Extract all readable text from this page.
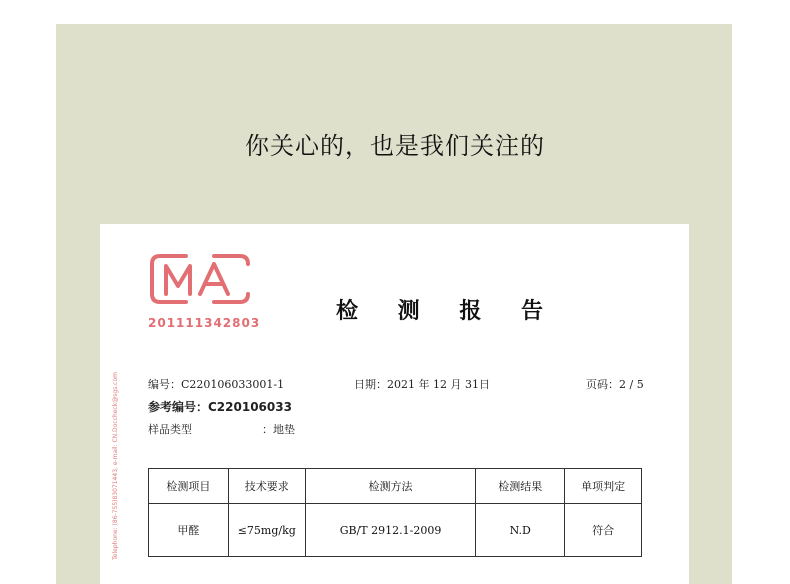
你关心的，也是我们关注的
201111342803	检 测 报 告
Telephone: (86-755)83071443, e-mail: CN.Doccheck@sgs.com	编号：C220106033001-1	日期：2021 年 12 月 31日	页码：2 / 5
参考编号：C220106033
样品类型	：地垫
检测项目	技术要求	检测方法	检测结果	单项判定
甲醛	≤75mg/kg	GB/T 2912.1-2009	N.D	符合
